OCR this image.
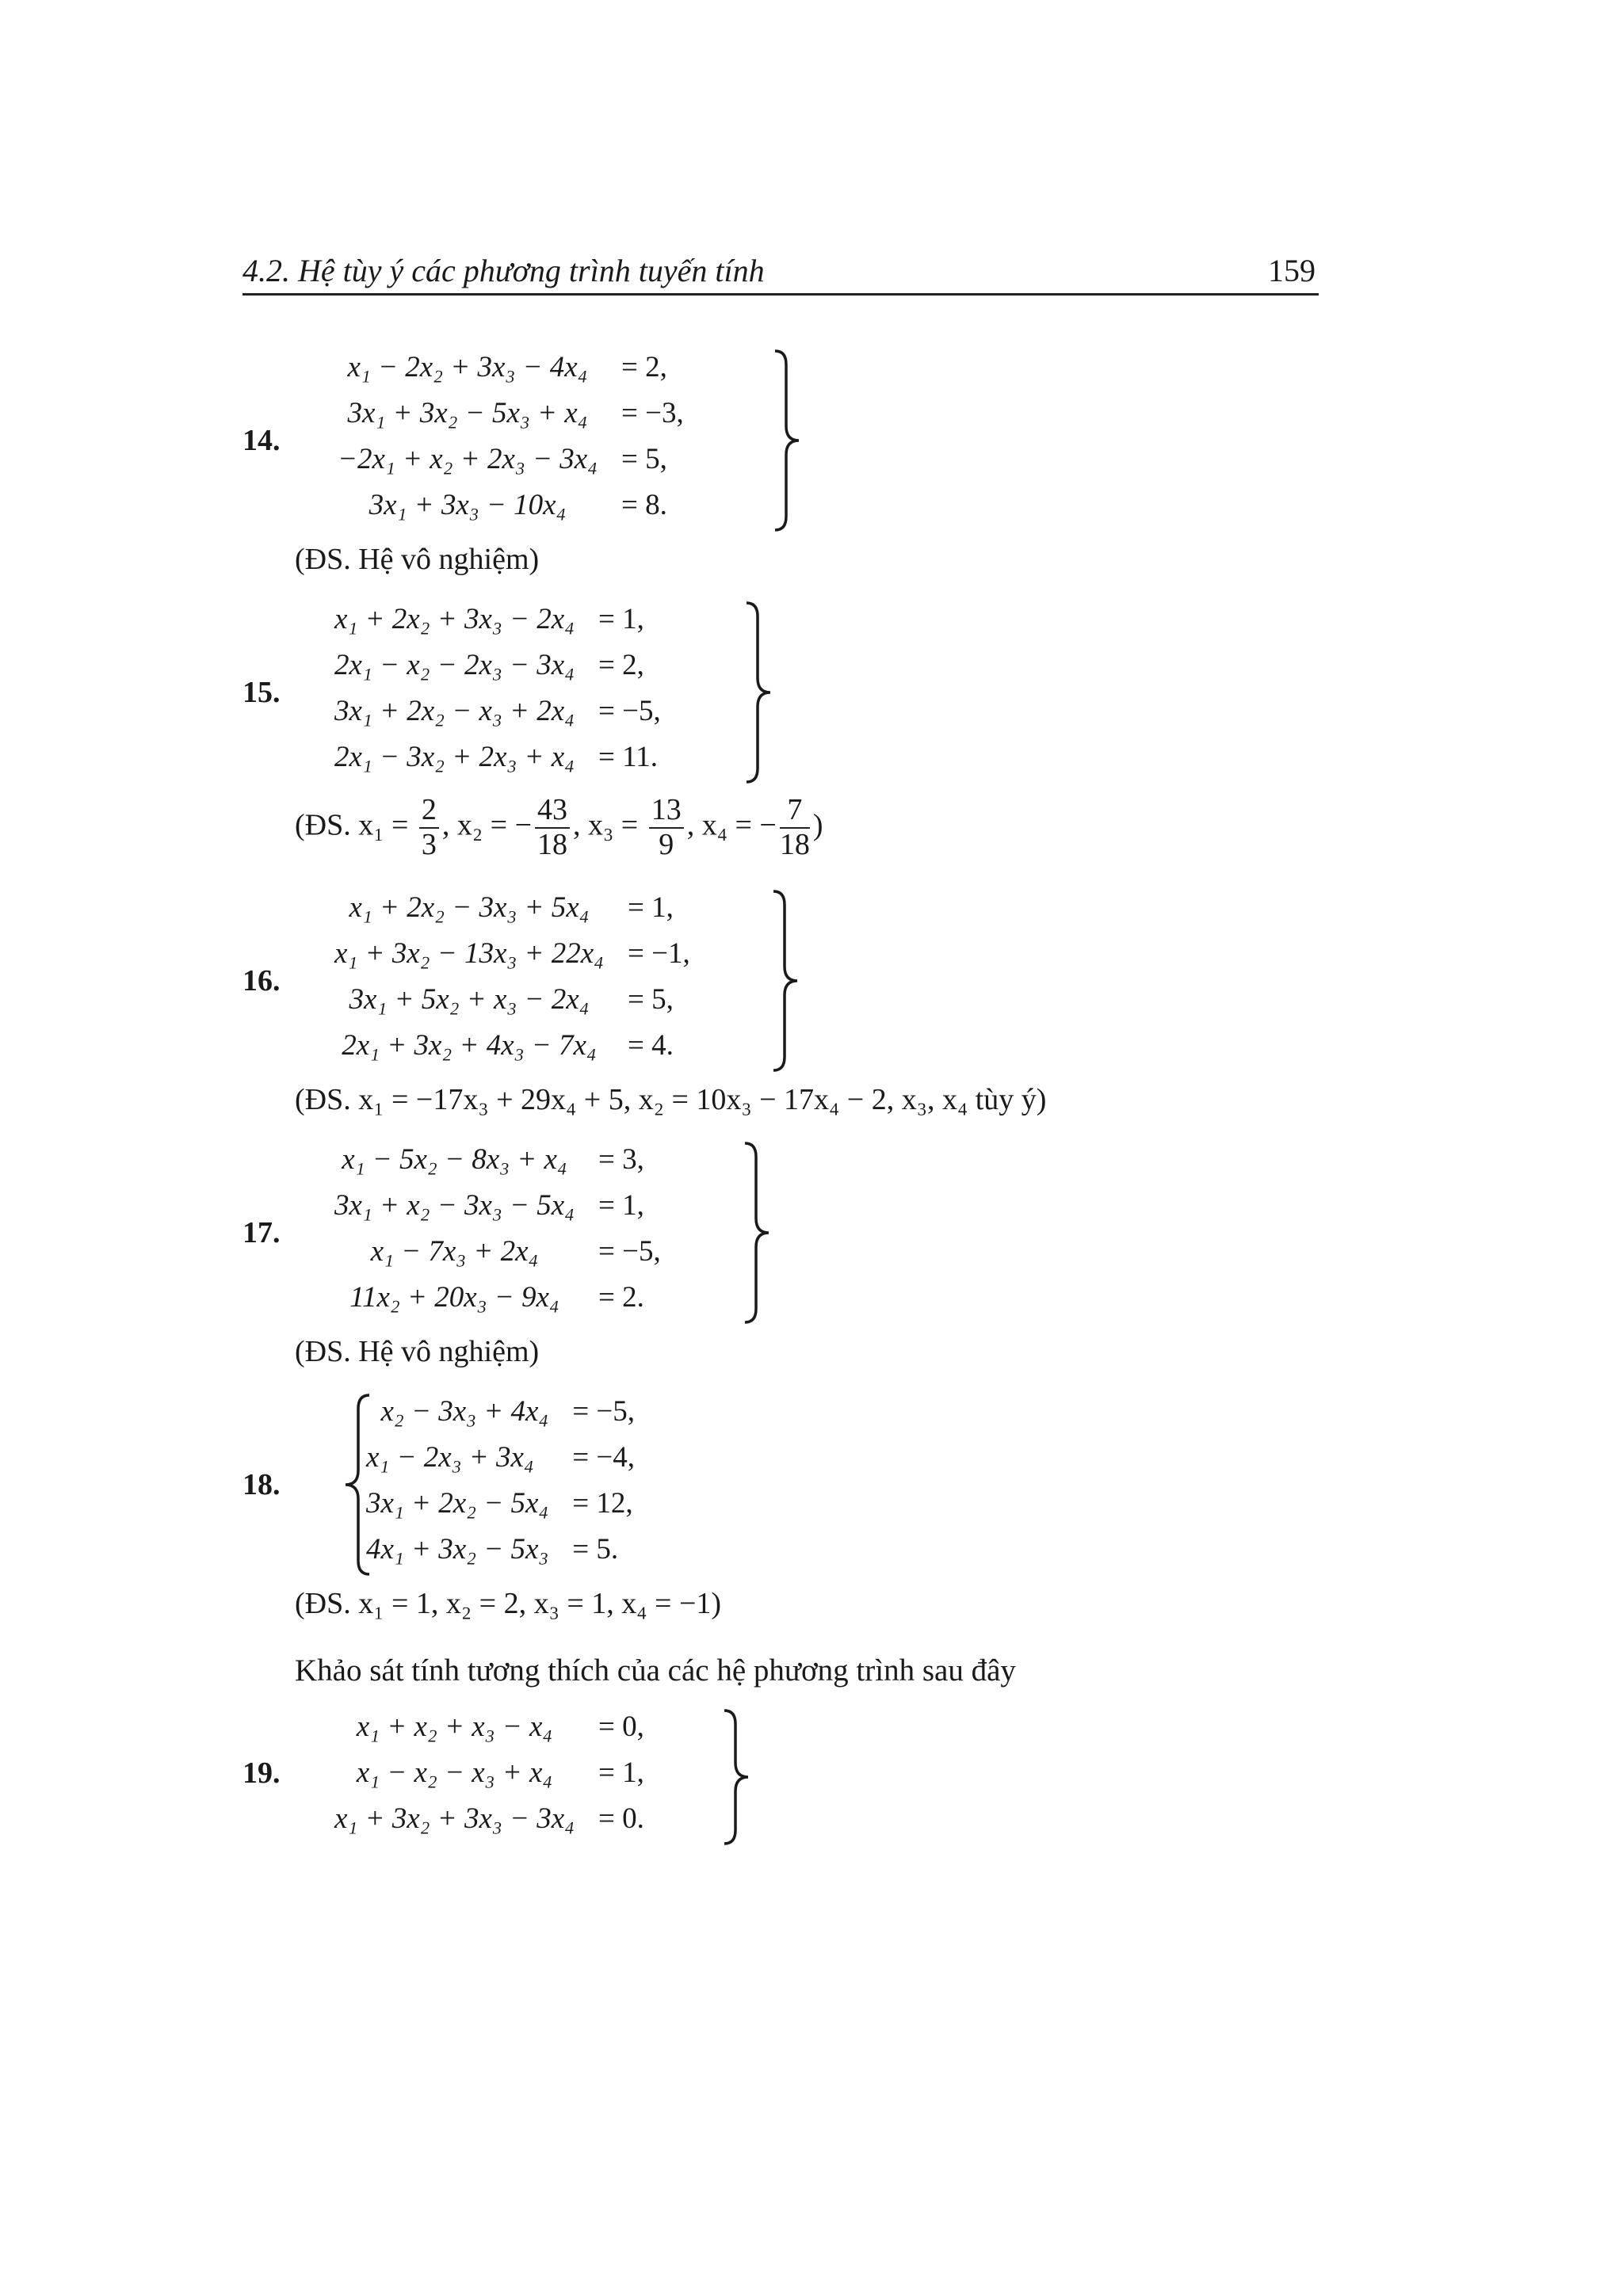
4.2. Hệ tùy ý các phương trình tuyến tính	159
14.
x₁ − 2x₂ + 3x₃ − 4x₄	= 2,
3x₁ + 3x₂ − 5x₃ + x₄	= −3,
−2x₁ + x₂ + 2x₃ − 3x₄	= 5,
3x₁ + 3x₃ − 10x₄	= 8.
(ĐS. Hệ vô nghiệm)
15.
x₁ + 2x₂ + 3x₃ − 2x₄	= 1,
2x₁ − x₂ − 2x₃ − 3x₄	= 2,
3x₁ + 2x₂ − x₃ + 2x₄	= −5,
2x₁ − 3x₂ + 2x₃ + x₄	= 11.
(ĐS. $x_1 = \frac{2}{3}$ , x₂ = − $\frac{43}{18}$ , $x_3 = \frac{13}{9}$ , x₄ = − $\frac{7}{18}$ )
16.
x₁ + 2x₂ − 3x₃ + 5x₄	= 1,
x₁ + 3x₂ − 13x₃ + 22x₄	= −1,
3x₁ + 5x₂ + x₃ − 2x₄	= 5,
2x₁ + 3x₂ + 4x₃ − 7x₄	= 4.
(ĐS. x₁ = −17x₃ + 29x₄ + 5, x₂ = 10x₃ − 17x₄ − 2, x₃, x₄ tùy ý)
17.
x₁ − 5x₂ − 8x₃ + x₄	= 3,
3x₁ + x₂ − 3x₃ − 5x₄	= 1,
x₁ − 7x₃ + 2x₄	= −5,
11x₂ + 20x₃ − 9x₄	= 2.
(ĐS. Hệ vô nghiệm)
18.
x₂ − 3x₃ + 4x₄	= −5,
x₁ − 2x₃ + 3x₄	= −4,
3x₁ + 2x₂ − 5x₄	= 12,
4x₁ + 3x₂ − 5x₃	= 5.
(ĐS. x₁ = 1, x₂ = 2, x₃ = 1, x₄ = −1)
Khảo sát tính tương thích của các hệ phương trình sau đây
19.
x₁ + x₂ + x₃ − x₄	= 0,
x₁ − x₂ − x₃ + x₄	= 1,
x₁ + 3x₂ + 3x₃ − 3x₄	= 0.
